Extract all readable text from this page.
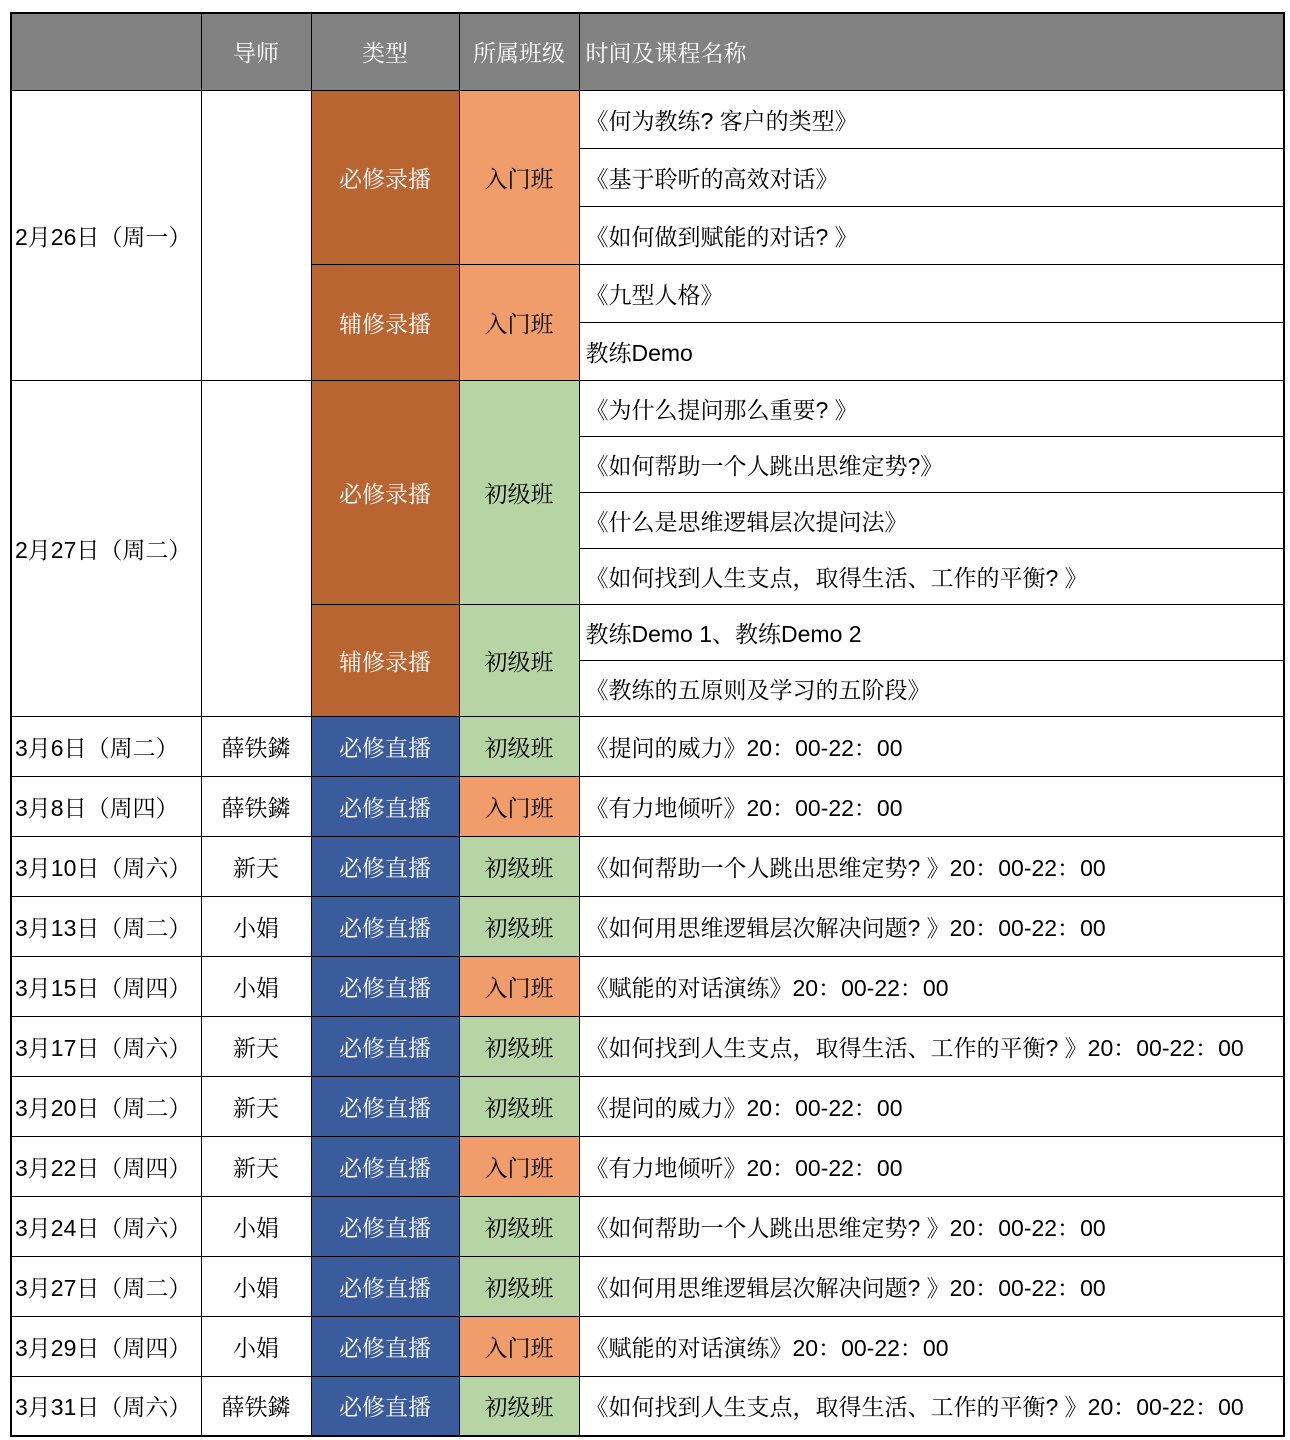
	导师	类型	所属班级	时间及课程名称
2月26日（周一）		必修录播	入门班	《何为教练? 客户的类型》
				《基于聆听的高效对话》
				《如何做到赋能的对话? 》
		辅修录播	入门班	《九型人格》
				教练Demo
2月27日（周二）		必修录播	初级班	《为什么提问那么重要? 》
				《如何帮助一个人跳出思维定势?》
				《什么是思维逻辑层次提问法》
				《如何找到人生支点，取得生活、工作的平衡? 》
		辅修录播	初级班	教练Demo 1、教练Demo 2
				《教练的五原则及学习的五阶段》
3月6日（周二）	薛铁鏻	必修直播	初级班	《提问的威力》20：00-22：00
3月8日（周四）	薛铁鏻	必修直播	入门班	《有力地倾听》20：00-22：00
3月10日（周六）	新天	必修直播	初级班	《如何帮助一个人跳出思维定势? 》20：00-22：00
3月13日（周二）	小娟	必修直播	初级班	《如何用思维逻辑层次解决问题? 》20：00-22：00
3月15日（周四）	小娟	必修直播	入门班	《赋能的对话演练》20：00-22：00
3月17日（周六）	新天	必修直播	初级班	《如何找到人生支点，取得生活、工作的平衡? 》20：00-22：00
3月20日（周二）	新天	必修直播	初级班	《提问的威力》20：00-22：00
3月22日（周四）	新天	必修直播	入门班	《有力地倾听》20：00-22：00
3月24日（周六）	小娟	必修直播	初级班	《如何帮助一个人跳出思维定势? 》20：00-22：00
3月27日（周二）	小娟	必修直播	初级班	《如何用思维逻辑层次解决问题? 》20：00-22：00
3月29日（周四）	小娟	必修直播	入门班	《赋能的对话演练》20：00-22：00
3月31日（周六）	薛铁鏻	必修直播	初级班	《如何找到人生支点，取得生活、工作的平衡? 》20：00-22：00
